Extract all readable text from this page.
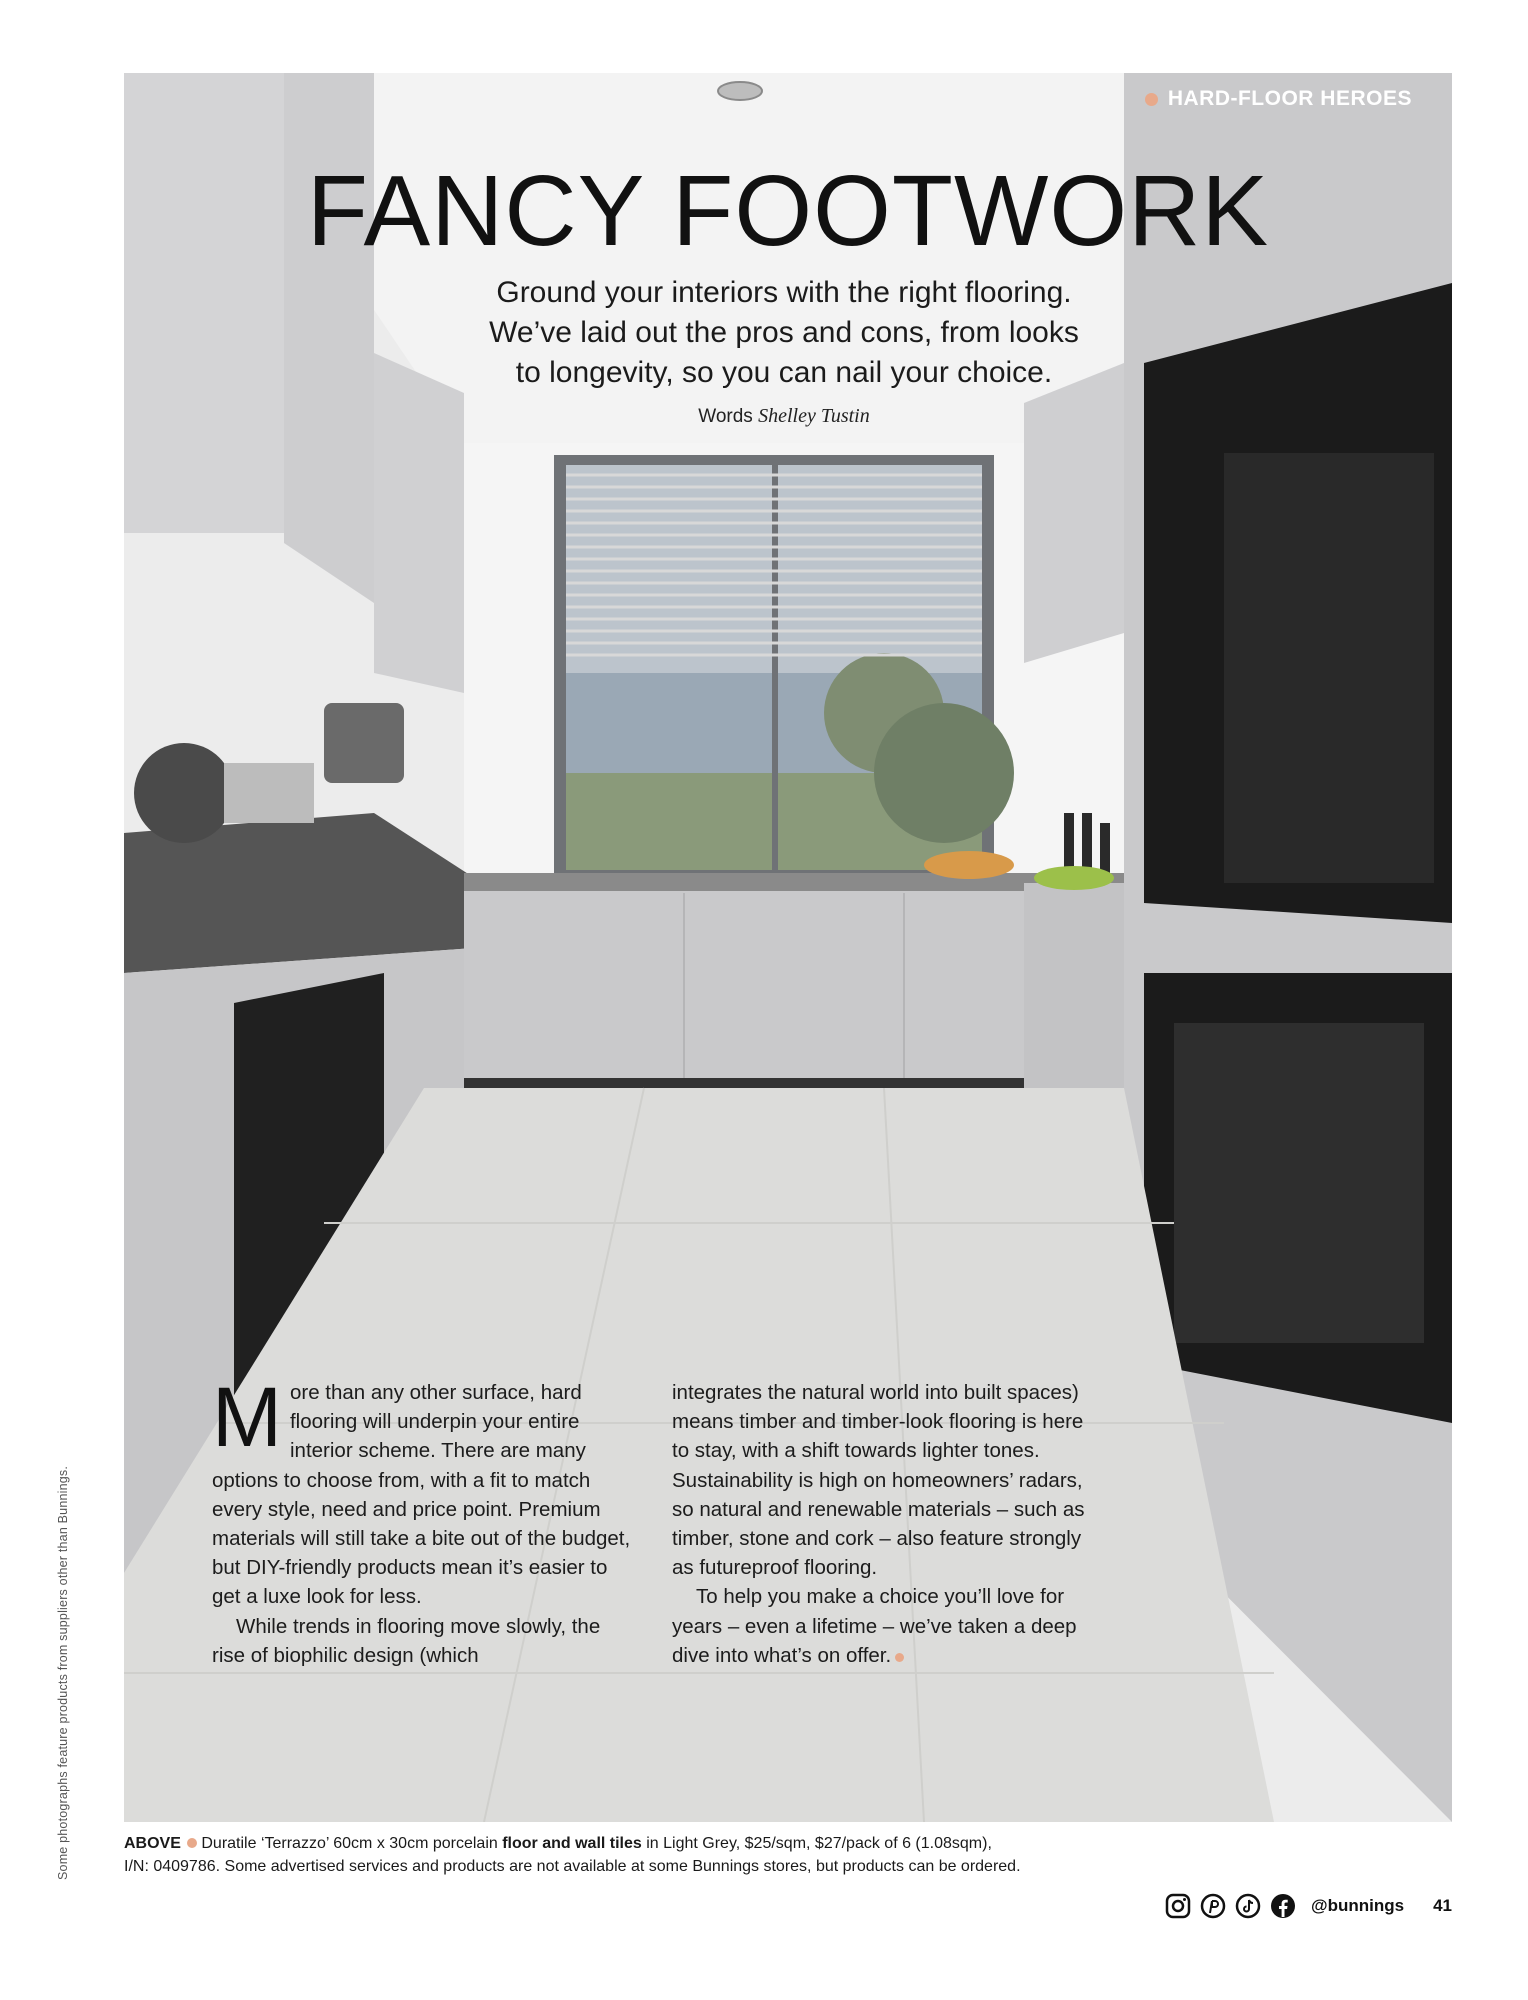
Some photographs feature products from suppliers other than Bunnings.
HARD-FLOOR HEROES
FANCY FOOTWORK
Ground your interiors with the right flooring.
We’ve laid out the pros and cons, from looks
to longevity, so you can nail your choice.
Words Shelley Tustin

More than any other surface, hard flooring will underpin your entire interior scheme. There are many options to choose from, with a fit to match every style, need and price point. Premium materials will still take a bite out of the budget, but DIY-friendly products mean it’s easier to get a luxe look for less.

While trends in flooring move slowly, the rise of biophilic design (which

integrates the natural world into built spaces) means timber and timber-look flooring is here to stay, with a shift towards lighter tones. Sustainability is high on homeowners’ radars, so natural and renewable materials – such as timber, stone and cork – also feature strongly as futureproof flooring.

To help you make a choice you’ll love for years – even a lifetime – we’ve taken a deep dive into what’s on offer.

ABOVE Duratile ‘Terrazzo’ 60cm x 30cm porcelain floor and wall tiles in Light Grey, $25/sqm, $27/pack of 6 (1.08sqm),
I/N: 0409786. Some advertised services and products are not available at some Bunnings stores, but products can be ordered.
@bunnings 41
